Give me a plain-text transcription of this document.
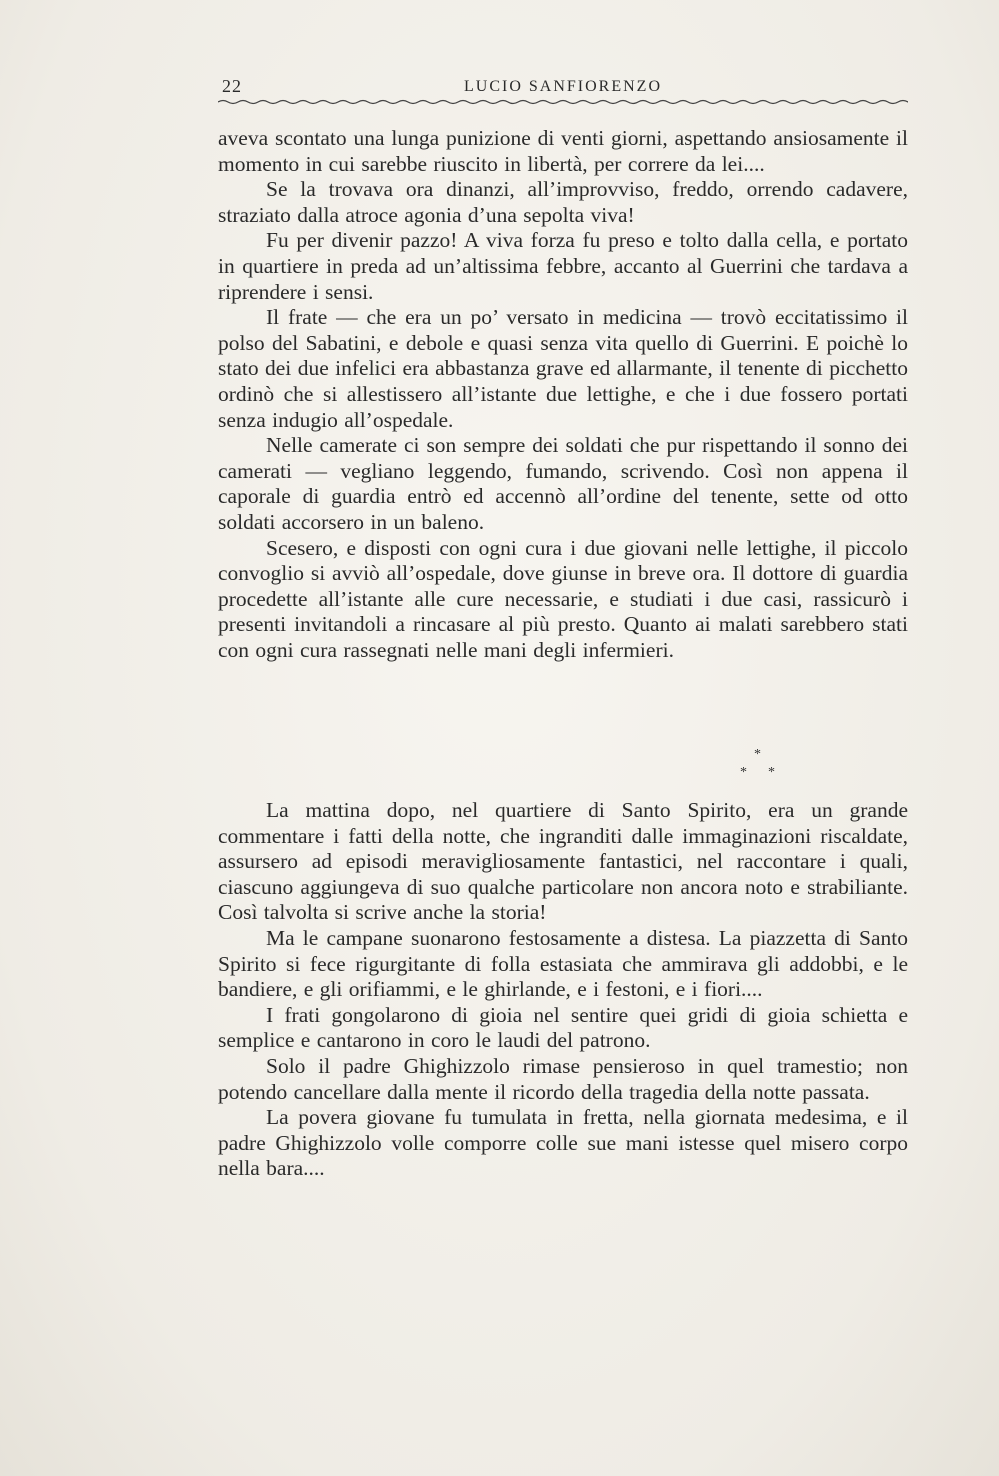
22	LUCIO SANFIORENZO

aveva scontato una lunga punizione di venti giorni, aspettando ansiosamente il momento in cui sarebbe riuscito in libertà, per correre da lei....

Se la trovava ora dinanzi, all’improvviso, freddo, orrendo cadavere, straziato dalla atroce agonia d’una sepolta viva!

Fu per divenir pazzo! A viva forza fu preso e tolto dalla cella, e portato in quartiere in preda ad un’altissima febbre, accanto al Guerrini che tardava a riprendere i sensi.

Il frate — che era un po’ versato in medicina — trovò eccitatissimo il polso del Sabatini, e debole e quasi senza vita quello di Guerrini. E poichè lo stato dei due infelici era abbastanza grave ed allarmante, il tenente di picchetto ordinò che si allestissero all’istante due lettighe, e che i due fossero portati senza indugio all’ospedale.

Nelle camerate ci son sempre dei soldati che pur rispettando il sonno dei camerati — vegliano leggendo, fumando, scrivendo. Così non appena il caporale di guardia entrò ed accennò all’ordine del tenente, sette od otto soldati accorsero in un baleno.

Scesero, e disposti con ogni cura i due giovani nelle lettighe, il piccolo convoglio si avviò all’ospedale, dove giunse in breve ora. Il dottore di guardia procedette all’istante alle cure necessarie, e studiati i due casi, rassicurò i presenti invitandoli a rincasare al più presto. Quanto ai malati sarebbero stati con ogni cura rassegnati nelle mani degli infermieri.

*
* *

La mattina dopo, nel quartiere di Santo Spirito, era un grande commentare i fatti della notte, che ingranditi dalle immaginazioni riscaldate, assursero ad episodi meravigliosamente fantastici, nel raccontare i quali, ciascuno aggiungeva di suo qualche particolare non ancora noto e strabiliante. Così talvolta si scrive anche la storia!

Ma le campane suonarono festosamente a distesa. La piazzetta di Santo Spirito si fece rigurgitante di folla estasiata che ammirava gli addobbi, e le bandiere, e gli orifiammi, e le ghirlande, e i festoni, e i fiori....

I frati gongolarono di gioia nel sentire quei gridi di gioia schietta e semplice e cantarono in coro le laudi del patrono.

Solo il padre Ghighizzolo rimase pensieroso in quel tramestio; non potendo cancellare dalla mente il ricordo della tragedia della notte passata.

La povera giovane fu tumulata in fretta, nella giornata medesima, e il padre Ghighizzolo volle comporre colle sue mani istesse quel misero corpo nella bara....
